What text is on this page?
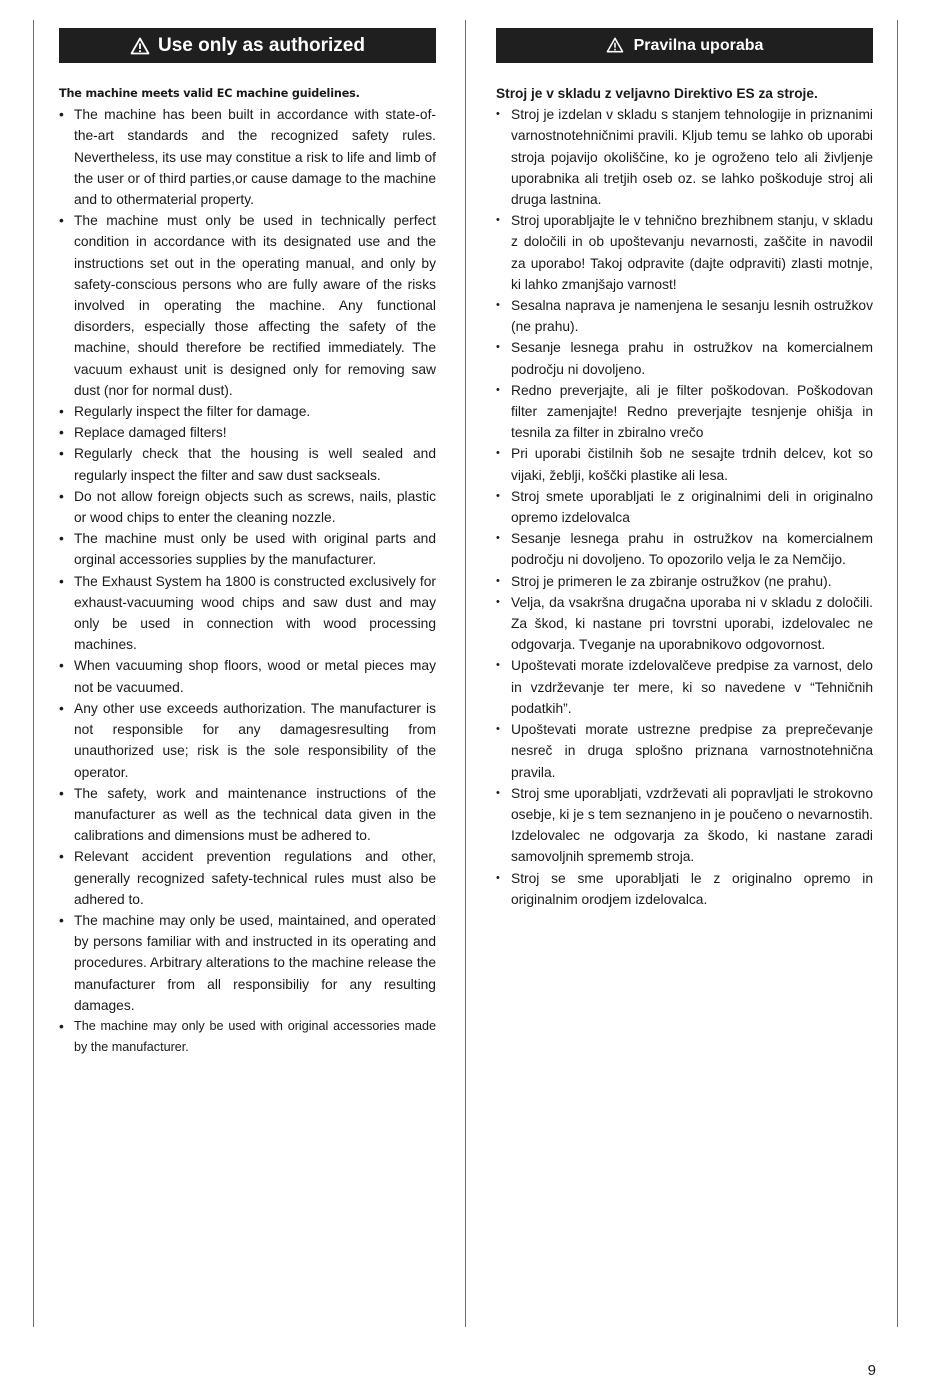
Use only as authorized
The machine meets valid EC machine guidelines.
• The machine has been built in accordance with state-of-the-art standards and the recognized safety rules. Nevertheless, its use may constitue a risk to life and limb of the user or of third parties,or cause damage to the machine and to othermaterial property.
• The machine must only be used in technically perfect condition in accordance with its designated use and the instructions set out in the operating manual, and only by safety-conscious persons who are fully aware of the risks involved in operating the machine. Any functional disorders, especially those affecting the safety of the machine, should therefore be rectified immediately. The vacuum exhaust unit is designed only for removing saw dust (nor for normal dust).
• Regularly inspect the filter for damage.
• Replace damaged filters!
• Regularly check that the housing is well sealed and regularly inspect the filter and saw dust sackseals.
• Do not allow foreign objects such as screws, nails, plastic or wood chips to enter the cleaning nozzle.
• The machine must only be used with original parts and orginal accessories supplies by the manufacturer.
• The Exhaust System ha 1800 is constructed exclusively for exhaust-vacuuming wood chips and saw dust and may only be used in connection with wood processing machines.
• When vacuuming shop floors, wood or metal pieces may not be vacuumed.
• Any other use exceeds authorization. The manufacturer is not responsible for any damagesresulting from unauthorized use; risk is the sole responsibility of the operator.
• The safety, work and maintenance instructions of the manufacturer as well as the technical data given in the calibrations and dimensions must be adhered to.
• Relevant accident prevention regulations and other, generally recognized safety-technical rules must also be adhered to.
• The machine may only be used, maintained, and operated by persons familiar with and instructed in its operating and procedures. Arbitrary alterations to the machine release the manufacturer from all responsibiliy for any resulting damages.
• The machine may only be used with original accessories made by the manufacturer.
Pravilna uporaba
Stroj je v skladu z veljavno Direktivo ES za stroje.
• Stroj je izdelan v skladu s stanjem tehnologije in priznanimi varnostnotehničnimi pravili. Kljub temu se lahko ob uporabi stroja pojavijo okoliščine, ko je ogroženo telo ali življenje uporabnika ali tretjih oseb oz. se lahko poškoduje stroj ali druga lastnina.
• Stroj uporabljajte le v tehnično brezhibnem stanju, v skladu z določili in ob upoštevanju nevarnosti, zaščite in navodil za uporabo! Takoj odpravite (dajte odpraviti) zlasti motnje, ki lahko zmanjšajo varnost!
• Sesalna naprava je namenjena le sesanju lesnih ostružkov (ne prahu).
• Sesanje lesnega prahu in ostružkov na komercialnem področju ni dovoljeno.
• Redno preverjajte, ali je filter poškodovan. Poškodovan filter zamenjajte! Redno preverjajte tesnjenje ohišja in tesnila za filter in zbiralno vrečo
• Pri uporabi čistilnih šob ne sesajte trdnih delcev, kot so vijaki, žeblji, koščki plastike ali lesa.
• Stroj smete uporabljati le z originalnimi deli in originalno opremo izdelovalca
• Sesanje lesnega prahu in ostružkov na komercialnem področju ni dovoljeno. To opozorilo velja le za Nemčijo.
• Stroj je primeren le za zbiranje ostružkov (ne prahu).
• Velja, da vsakršna drugačna uporaba ni v skladu z določili. Za škod, ki nastane pri tovrstni uporabi, izdelovalec ne odgovarja. Tveganje na uporabnikovo odgovornost.
• Upoštevati morate izdelovalčeve predpise za varnost, delo in vzdrževanje ter mere, ki so navedene v “Tehničnih podatkih”.
• Upoštevati morate ustrezne predpise za preprečevanje nesreč in druga splošno priznana varnostnotehnična pravila.
• Stroj sme uporabljati, vzdrževati ali popravljati le strokovno osebje, ki je s tem seznanjeno in je poučeno o nevarnostih. Izdelovalec ne odgovarja za škodo, ki nastane zaradi samovoljnih sprememb stroja.
• Stroj se sme uporabljati le z originalno opremo in originalnim orodjem izdelovalca.
9
